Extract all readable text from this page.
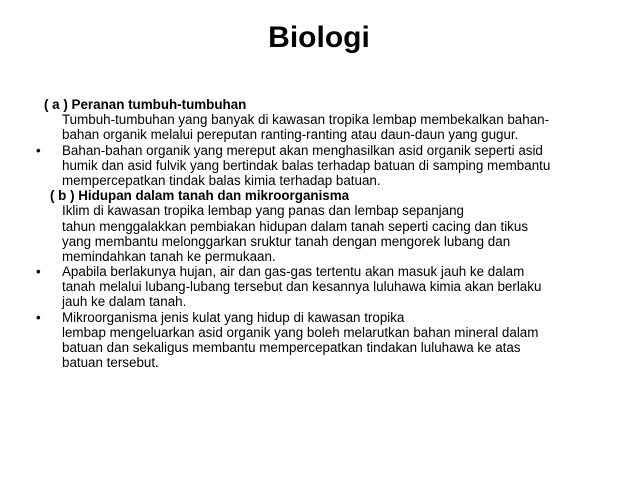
Biologi
( a ) Peranan tumbuh-tumbuhan
Tumbuh-tumbuhan yang banyak di kawasan tropika lembap membekalkan bahan-
bahan organik melalui pereputan ranting-ranting atau daun-daun yang gugur.
• Bahan-bahan organik yang mereput akan menghasilkan asid organik seperti asid
humik dan asid fulvik yang bertindak balas terhadap batuan di samping membantu
mempercepatkan tindak balas kimia terhadap batuan.
( b ) Hidupan dalam tanah dan mikroorganisma
Iklim di kawasan tropika lembap yang panas dan lembap sepanjang
tahun menggalakkan pembiakan hidupan dalam tanah seperti cacing dan tikus
yang membantu melonggarkan sruktur tanah dengan mengorek lubang dan
memindahkan tanah ke permukaan.
• Apabila berlakunya hujan, air dan gas-gas tertentu akan masuk jauh ke dalam
tanah melalui lubang-lubang tersebut dan kesannya luluhawa kimia akan berlaku
jauh ke dalam tanah.
• Mikroorganisma jenis kulat yang hidup di kawasan tropika
lembap mengeluarkan asid organik yang boleh melarutkan bahan mineral dalam
batuan dan sekaligus membantu mempercepatkan tindakan luluhawa ke atas
batuan tersebut.
